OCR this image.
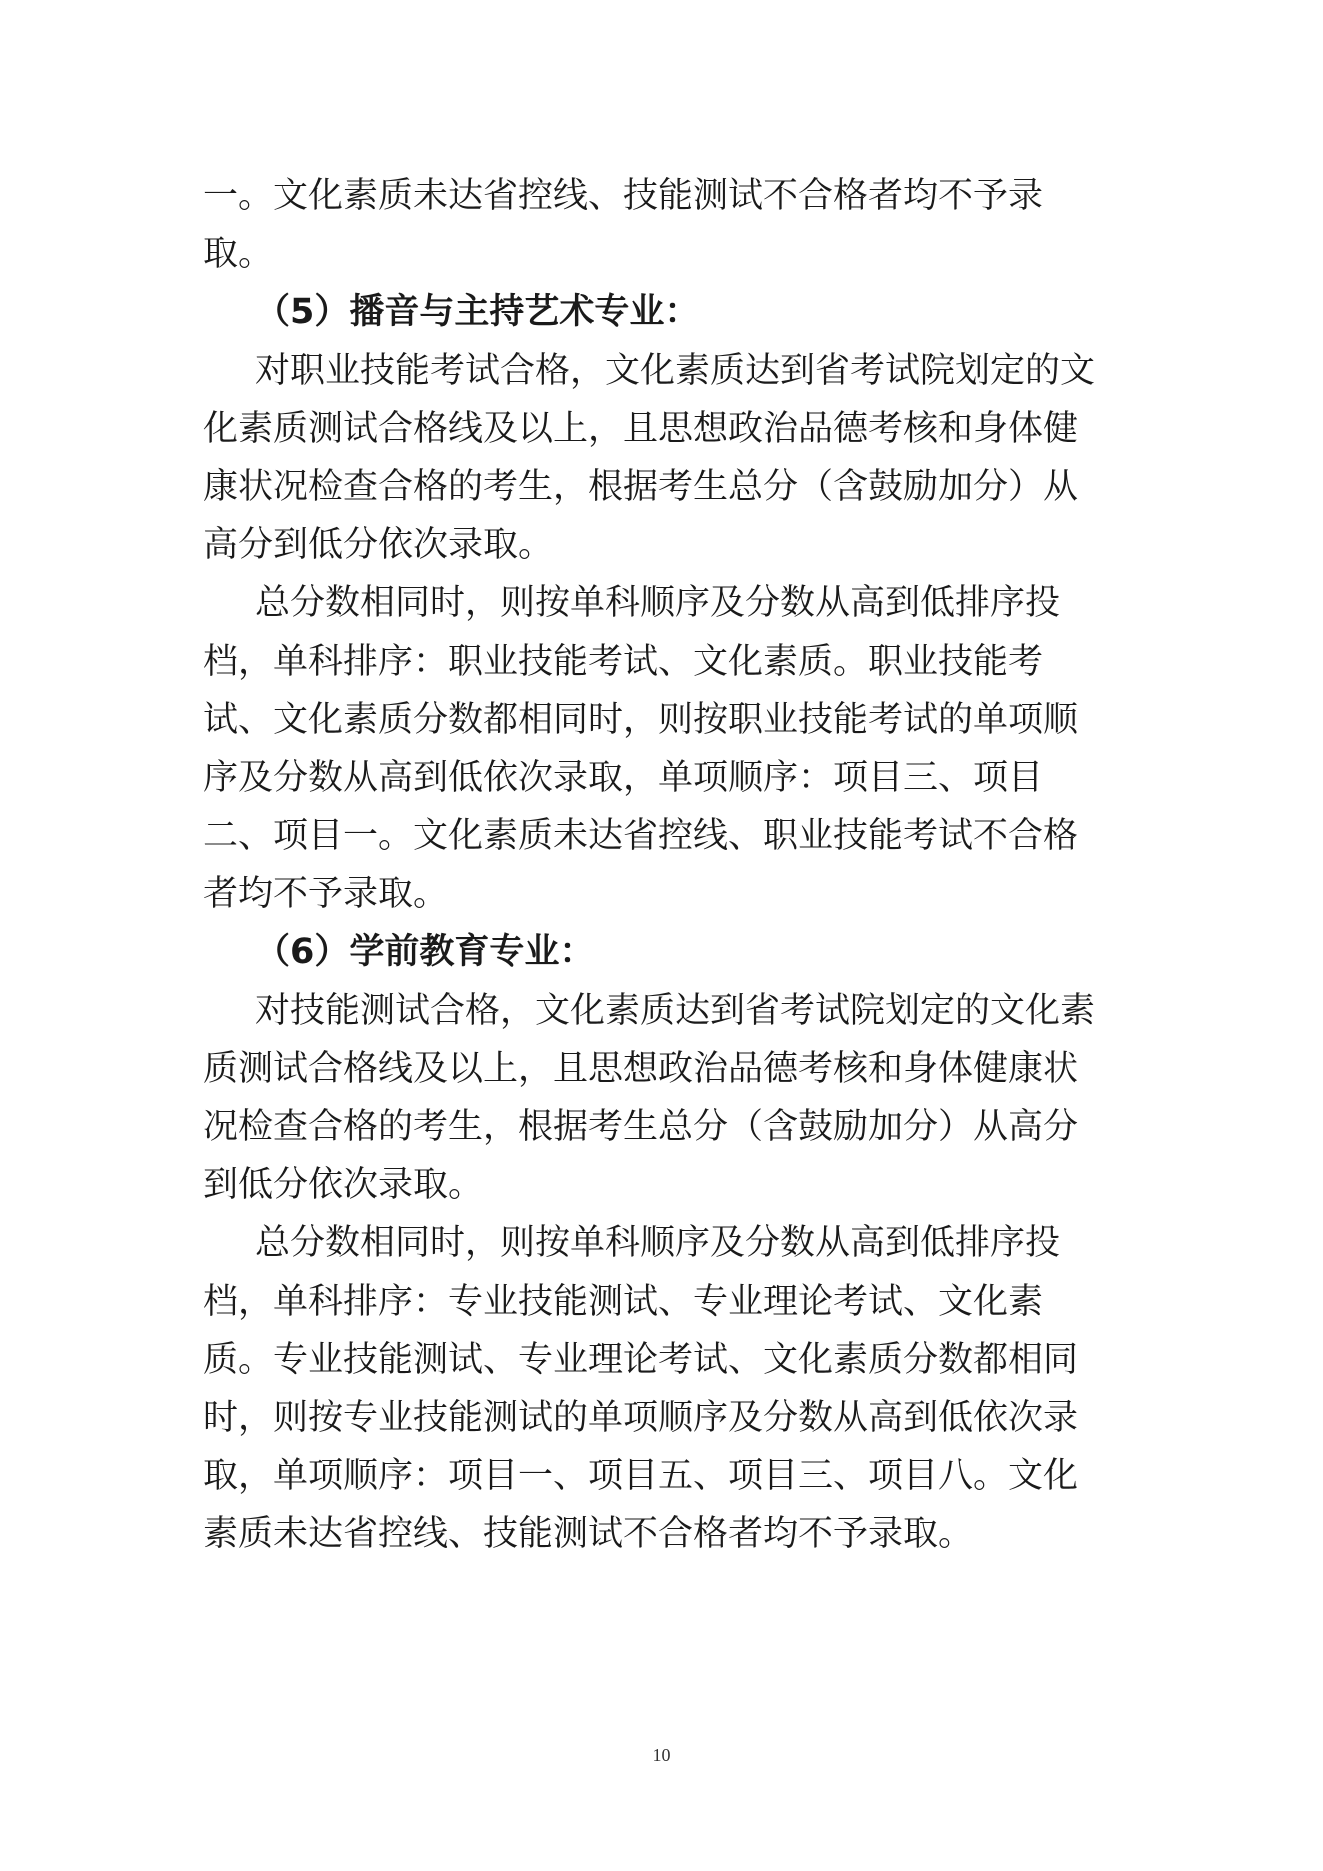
一。文化素质未达省控线、技能测试不合格者均不予录
取。
（5）播音与主持艺术专业：
对职业技能考试合格，文化素质达到省考试院划定的文
化素质测试合格线及以上，且思想政治品德考核和身体健
康状况检查合格的考生，根据考生总分（含鼓励加分）从
高分到低分依次录取。
总分数相同时，则按单科顺序及分数从高到低排序投
档，单科排序：职业技能考试、文化素质。职业技能考
试、文化素质分数都相同时，则按职业技能考试的单项顺
序及分数从高到低依次录取，单项顺序：项目三、项目
二、项目一。文化素质未达省控线、职业技能考试不合格
者均不予录取。
（6）学前教育专业：
对技能测试合格，文化素质达到省考试院划定的文化素
质测试合格线及以上，且思想政治品德考核和身体健康状
况检查合格的考生，根据考生总分（含鼓励加分）从高分
到低分依次录取。
总分数相同时，则按单科顺序及分数从高到低排序投
档，单科排序：专业技能测试、专业理论考试、文化素
质。专业技能测试、专业理论考试、文化素质分数都相同
时，则按专业技能测试的单项顺序及分数从高到低依次录
取，单项顺序：项目一、项目五、项目三、项目八。文化
素质未达省控线、技能测试不合格者均不予录取。
10
